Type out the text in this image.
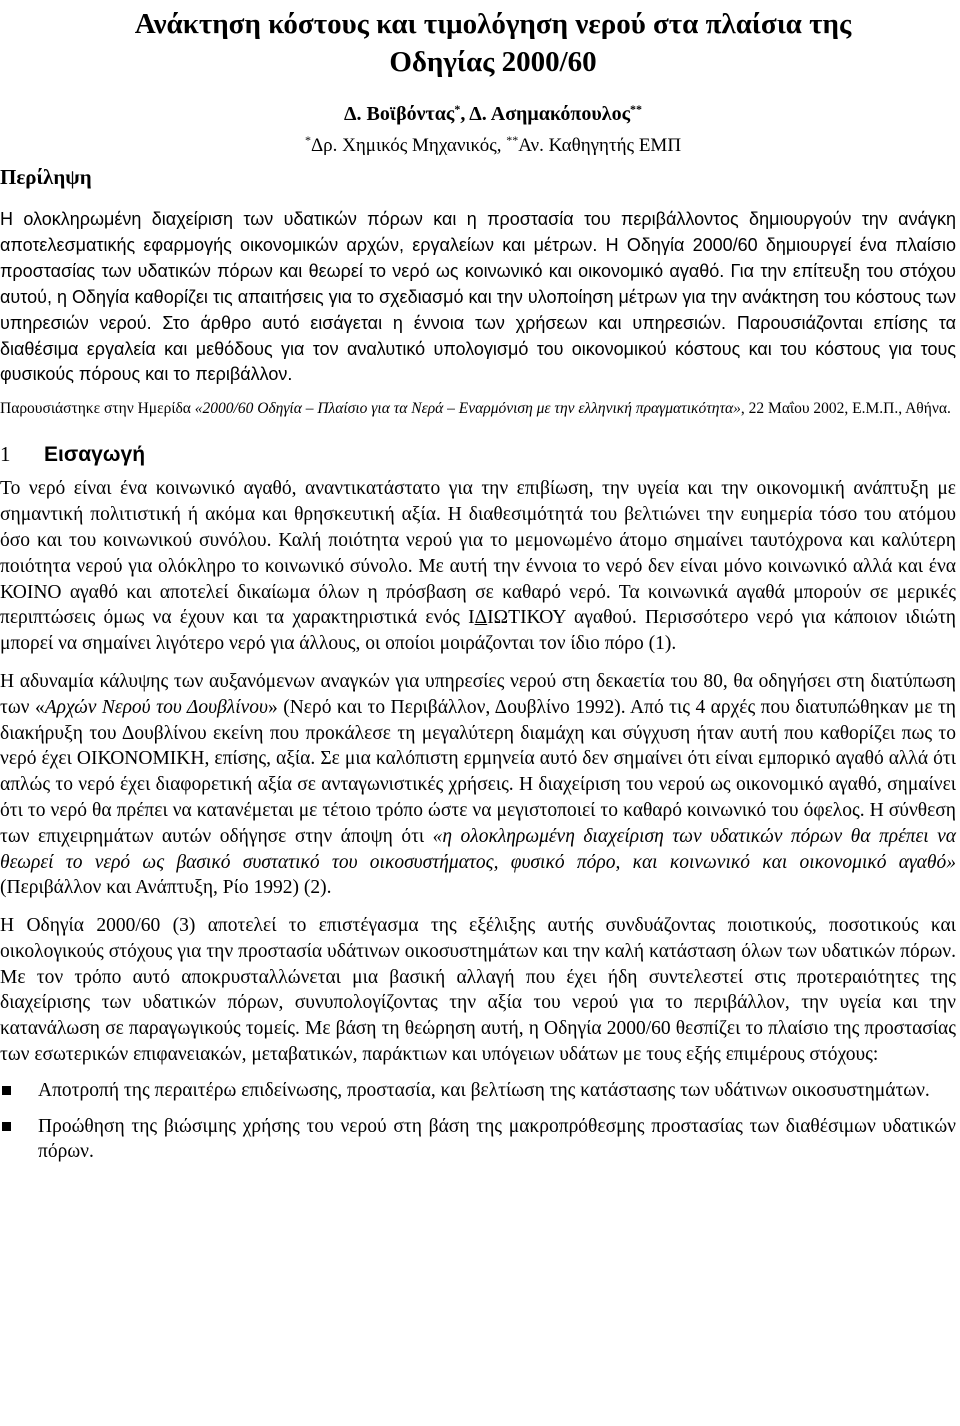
Ανάκτηση κόστους και τιμολόγηση νερού στα πλαίσια της
Οδηγίας 2000/60
Δ. Βοϊβόντας*, Δ. Ασημακόπουλος**
*Δρ. Χημικός Μηχανικός, **Αν. Καθηγητής ΕΜΠ
Περίληψη

Η ολοκληρωμένη διαχείριση των υδατικών πόρων και η προστασία του περιβάλλοντος δημιουργούν την ανάγκη αποτελεσματικής εφαρμογής οικονομικών αρχών, εργαλείων και μέτρων. Η Οδηγία 2000/60 δημιουργεί ένα πλαίσιο προστασίας των υδατικών πόρων και θεωρεί το νερό ως κοινωνικό και οικονομικό αγαθό. Για την επίτευξη του στόχου αυτού, η Οδηγία καθορίζει τις απαιτήσεις για το σχεδιασμό και την υλοποίηση μέτρων για την ανάκτηση του κόστους των υπηρεσιών νερού. Στο άρθρο αυτό εισάγεται η έννοια των χρήσεων και υπηρεσιών. Παρουσιάζονται επίσης τα διαθέσιμα εργαλεία και μεθόδους για τον αναλυτικό υπολογισμό του οικονομικού κόστους και του κόστους για τους φυσικούς πόρους και το περιβάλλον.

Παρουσιάστηκε στην Ημερίδα «2000/60 Οδηγία – Πλαίσιο για τα Νερά – Εναρμόνιση με την ελληνική πραγματικότητα», 22 Μαΐου 2002, Ε.Μ.Π., Αθήνα.

1 Εισαγωγή

Το νερό είναι ένα κοινωνικό αγαθό, αναντικατάστατο για την επιβίωση, την υγεία και την οικονομική ανάπτυξη με σημαντική πολιτιστική ή ακόμα και θρησκευτική αξία. Η διαθεσιμότητά του βελτιώνει την ευημερία τόσο του ατόμου όσο και του κοινωνικού συνόλου. Καλή ποιότητα νερού για το μεμονωμένο άτομο σημαίνει ταυτόχρονα και καλύτερη ποιότητα νερού για ολόκληρο το κοινωνικό σύνολο. Με αυτή την έννοια το νερό δεν είναι μόνο κοινωνικό αλλά και ένα ΚΟΙΝΟ αγαθό και αποτελεί δικαίωμα όλων η πρόσβαση σε καθαρό νερό. Τα κοινωνικά αγαθά μπορούν σε μερικές περιπτώσεις όμως να έχουν και τα χαρακτηριστικά ενός ΙΔΙΩΤΙΚΟΥ αγαθού. Περισσότερο νερό για κάποιον ιδιώτη μπορεί να σημαίνει λιγότερο νερό για άλλους, οι οποίοι μοιράζονται τον ίδιο πόρο (1).

Η αδυναμία κάλυψης των αυξανόμενων αναγκών για υπηρεσίες νερού στη δεκαετία του 80, θα οδηγήσει στη διατύπωση των «Αρχών Νερού του Δουβλίνου» (Νερό και το Περιβάλλον, Δουβλίνο 1992). Από τις 4 αρχές που διατυπώθηκαν με τη διακήρυξη του Δουβλίνου εκείνη που προκάλεσε τη μεγαλύτερη διαμάχη και σύγχυση ήταν αυτή που καθορίζει πως το νερό έχει ΟΙΚΟΝΟΜΙΚΗ, επίσης, αξία. Σε μια καλόπιστη ερμηνεία αυτό δεν σημαίνει ότι είναι εμπορικό αγαθό αλλά ότι απλώς το νερό έχει διαφορετική αξία σε ανταγωνιστικές χρήσεις. Η διαχείριση του νερού ως οικονομικό αγαθό, σημαίνει ότι το νερό θα πρέπει να κατανέμεται με τέτοιο τρόπο ώστε να μεγιστοποιεί το καθαρό κοινωνικό του όφελος. Η σύνθεση των επιχειρημάτων αυτών οδήγησε στην άποψη ότι «η ολοκληρωμένη διαχείριση των υδατικών πόρων θα πρέπει να θεωρεί το νερό ως βασικό συστατικό του οικοσυστήματος, φυσικό πόρο, και κοινωνικό και οικονομικό αγαθό» (Περιβάλλον και Ανάπτυξη, Ρίο 1992) (2).

Η Οδηγία 2000/60 (3) αποτελεί το επιστέγασμα της εξέλιξης αυτής συνδυάζοντας ποιοτικούς, ποσοτικούς και οικολογικούς στόχους για την προστασία υδάτινων οικοσυστημάτων και την καλή κατάσταση όλων των υδατικών πόρων. Με τον τρόπο αυτό αποκρυσταλλώνεται μια βασική αλλαγή που έχει ήδη συντελεστεί στις προτεραιότητες της διαχείρισης των υδατικών πόρων, συνυπολογίζοντας την αξία του νερού για το περιβάλλον, την υγεία και την κατανάλωση σε παραγωγικούς τομείς. Με βάση τη θεώρηση αυτή, η Οδηγία 2000/60 θεσπίζει το πλαίσιο της προστασίας των εσωτερικών επιφανειακών, μεταβατικών, παράκτιων και υπόγειων υδάτων με τους εξής επιμέρους στόχους:

Αποτροπή της περαιτέρω επιδείνωσης, προστασία, και βελτίωση της κατάστασης των υδάτινων οικοσυστημάτων.
Προώθηση της βιώσιμης χρήσης του νερού στη βάση της μακροπρόθεσμης προστασίας των διαθέσιμων υδατικών πόρων.
